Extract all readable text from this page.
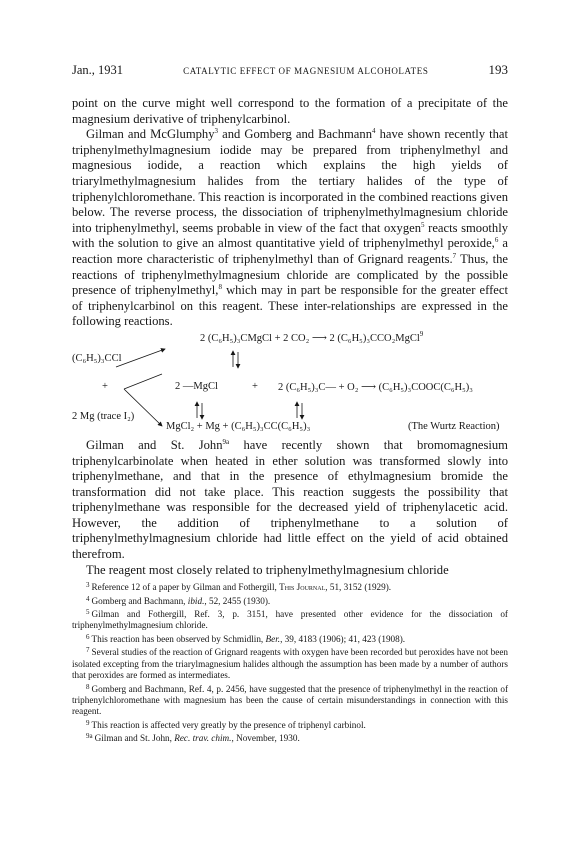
Jan., 1931	CATALYTIC EFFECT OF MAGNESIUM ALCOHOLATES	193

point on the curve might well correspond to the formation of a precipitate of the magnesium derivative of triphenylcarbinol.

Gilman and McGlumphy$^3$ and Gomberg and Bachmann$^4$ have shown recently that triphenylmethylmagnesium iodide may be prepared from triphenylmethyl and magnesious iodide, a reaction which explains the high yields of triarylmethylmagnesium halides from the tertiary halides of the type of triphenylchloromethane. This reaction is incorporated in the combined reactions given below. The reverse process, the dissociation of triphenylmethylmagnesium chloride into triphenylmethyl, seems probable in view of the fact that oxygen$^5$ reacts smoothly with the solution to give an almost quantitative yield of triphenylmethyl peroxide,$^6$ a reaction more characteristic of triphenylmethyl than of Grignard reagents.$^7$ Thus, the reactions of triphenylmethylmagnesium chloride are complicated by the possible presence of triphenylmethyl,$^8$ which may in part be responsible for the greater effect of triphenylcarbinol on this reagent. These inter-relationships are expressed in the following reactions.

2 (C₆H₅)₃CMgCl + 2 CO₂ ⟶ 2 (C₆H₅)₃CCO₂MgCl$^9$
(C₆H₅)₃CCl
+
2 Mg (trace I₂)
2 —MgCl	+ 2 (C₆H₅)₃C— + O₂ ⟶ (C₆H₅)₃COOC(C₆H₅)₃
MgCl₂ + Mg + (C₆H₅)₃CC(C₆H₅)₃	(The Wurtz Reaction)

Gilman and St. John$^{9a}$ have recently shown that bromomagnesium triphenylcarbinolate when heated in ether solution was transformed slowly into triphenylmethane, and that in the presence of ethylmagnesium bromide the transformation did not take place. This reaction suggests the possibility that triphenylmethane was responsible for the decreased yield of triphenylacetic acid. However, the addition of triphenylmethane to a solution of triphenylmethylmagnesium chloride had little effect on the yield of acid obtained therefrom.

The reagent most closely related to triphenylmethylmagnesium chloride

$^3$ Reference 12 of a paper by Gilman and Fothergill, This Journal, 51, 3152 (1929).

$^4$ Gomberg and Bachmann, ibid., 52, 2455 (1930).

$^5$ Gilman and Fothergill, Ref. 3, p. 3151, have presented other evidence for the dissociation of triphenylmethylmagnesium chloride.

$^6$ This reaction has been observed by Schmidlin, Ber., 39, 4183 (1906); 41, 423 (1908).

$^7$ Several studies of the reaction of Grignard reagents with oxygen have been recorded but peroxides have not been isolated excepting from the triarylmagnesium halides although the assumption has been made by a number of authors that peroxides are formed as intermediates.

$^8$ Gomberg and Bachmann, Ref. 4, p. 2456, have suggested that the presence of triphenylmethyl in the reaction of triphenylchloromethane with magnesium has been the cause of certain misunderstandings in connection with this reagent.

$^9$ This reaction is affected very greatly by the presence of triphenyl carbinol.

$^{9a}$ Gilman and St. John, Rec. trav. chim., November, 1930.
